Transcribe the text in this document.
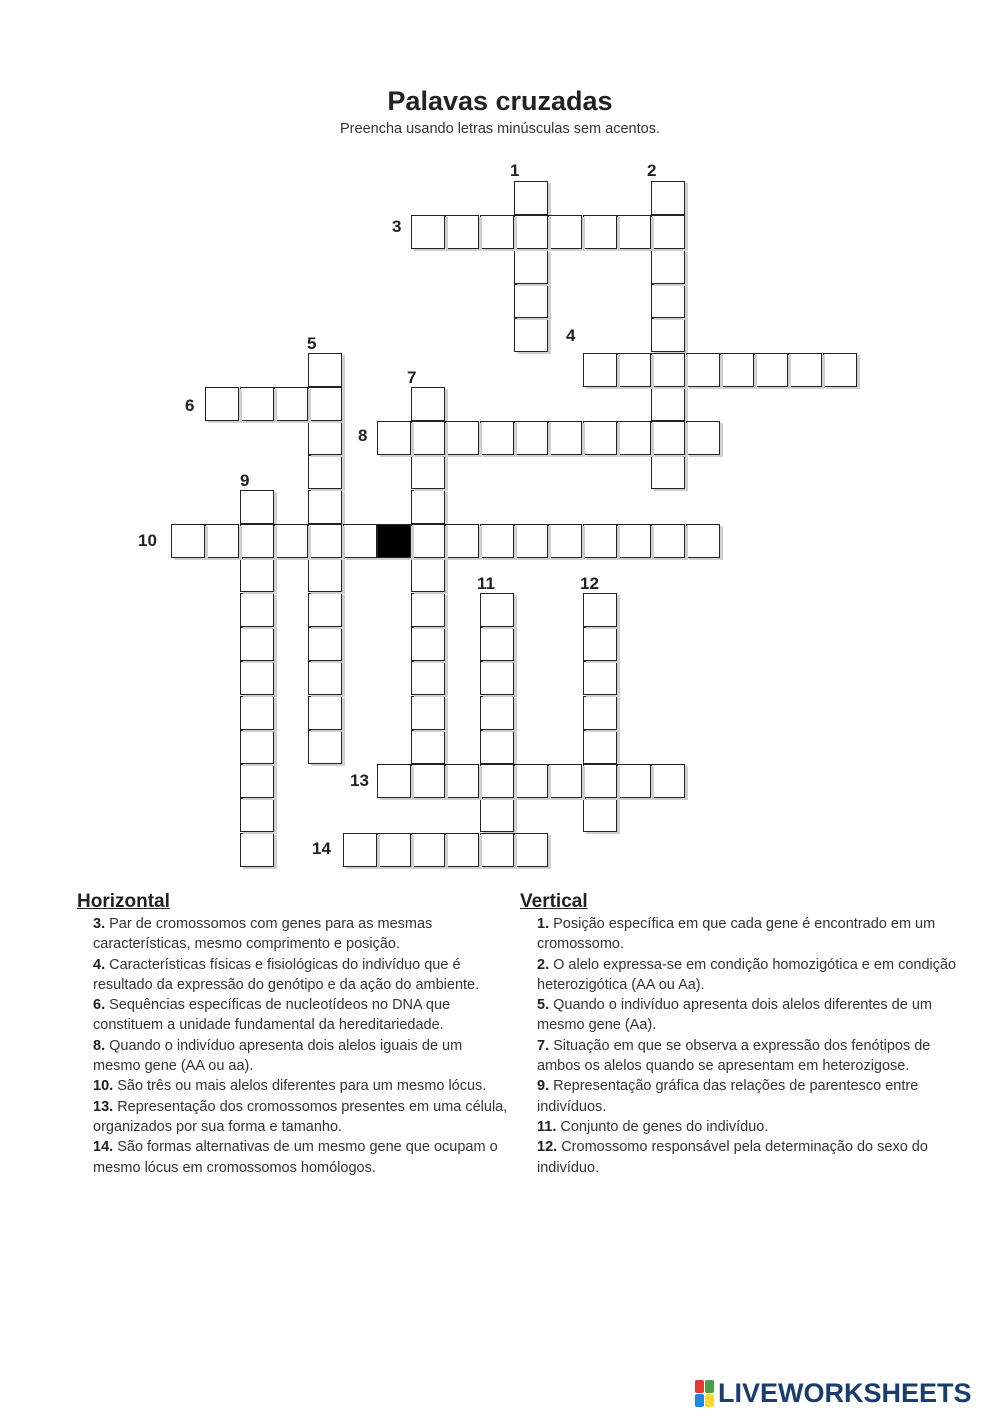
Palavas cruzadas
Preencha usando letras minúsculas sem acentos.
1	2
3
4
5
6
7
8
9
10
11	12
13
14
Horizontal

3. Par de cromossomos com genes para as mesmas características, mesmo comprimento e posição.

4. Características físicas e fisiológicas do indivíduo que é resultado da expressão do genótipo e da ação do ambiente.

6. Sequências específicas de nucleotídeos no DNA que constituem a unidade fundamental da hereditariedade.

8. Quando o indivíduo apresenta dois alelos iguais de um mesmo gene (AA ou aa).

10. São três ou mais alelos diferentes para um mesmo lócus.

13. Representação dos cromossomos presentes em uma célula, organizados por sua forma e tamanho.

14. São formas alternativas de um mesmo gene que ocupam o mesmo lócus em cromossomos homólogos.

Vertical

1. Posição específica em que cada gene é encontrado em um cromossomo.

2. O alelo expressa-se em condição homozigótica e em condição heterozigótica (AA ou Aa).

5. Quando o indivíduo apresenta dois alelos diferentes de um mesmo gene (Aa).

7. Situação em que se observa a expressão dos fenótipos de ambos os alelos quando se apresentam em heterozigose.

9. Representação gráfica das relações de parentesco entre indivíduos.

11. Conjunto de genes do indivíduo.

12. Cromossomo responsável pela determinação do sexo do indivíduo.

LIVEWORKSHEETS
